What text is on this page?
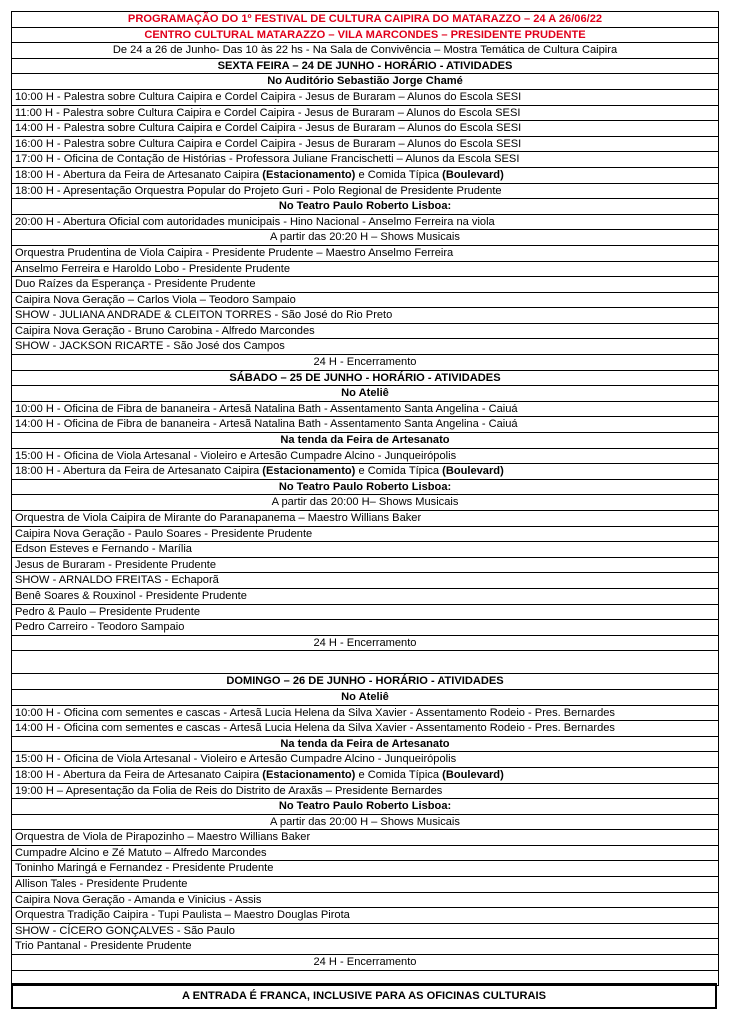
PROGRAMAÇÃO DO 1º FESTIVAL DE CULTURA CAIPIRA DO MATARAZZO – 24 A 26/06/22
CENTRO CULTURAL MATARAZZO – VILA MARCONDES – PRESIDENTE PRUDENTE
De 24 a 26 de Junho- Das 10 às 22 hs - Na Sala de Convivência – Mostra Temática de Cultura Caipira
SEXTA FEIRA – 24 DE JUNHO - HORÁRIO - ATIVIDADES
No Auditório Sebastião Jorge Chamé
10:00 H - Palestra sobre Cultura Caipira e Cordel Caipira - Jesus de Buraram – Alunos do Escola SESI
11:00 H - Palestra sobre Cultura Caipira e Cordel Caipira - Jesus de Buraram – Alunos do Escola SESI
14:00 H - Palestra sobre Cultura Caipira e Cordel Caipira - Jesus de Buraram – Alunos do Escola SESI
16:00 H - Palestra sobre Cultura Caipira e Cordel Caipira - Jesus de Buraram – Alunos do Escola SESI
17:00 H - Oficina de Contação de Histórias - Professora Juliane Francischetti – Alunos da Escola SESI
18:00 H - Abertura da Feira de Artesanato Caipira (Estacionamento) e Comida Típica (Boulevard)
18:00 H - Apresentação Orquestra Popular do Projeto Guri - Polo Regional de Presidente Prudente
No Teatro Paulo Roberto Lisboa:
20:00 H - Abertura Oficial com autoridades municipais - Hino Nacional - Anselmo Ferreira na viola
A partir das 20:20 H – Shows Musicais
Orquestra Prudentina de Viola Caipira - Presidente Prudente – Maestro Anselmo Ferreira
Anselmo Ferreira e Haroldo Lobo - Presidente Prudente
Duo Raízes da Esperança - Presidente Prudente
Caipira Nova Geração – Carlos Viola – Teodoro Sampaio
SHOW - JULIANA ANDRADE & CLEITON TORRES - São José do Rio Preto
Caipira Nova Geração - Bruno Carobina - Alfredo Marcondes
SHOW - JACKSON RICARTE - São José dos Campos
24 H - Encerramento
SÁBADO – 25 DE JUNHO - HORÁRIO - ATIVIDADES
No Ateliê
10:00 H - Oficina de Fibra de bananeira - Artesã Natalina Bath - Assentamento Santa Angelina - Caiuá
14:00 H - Oficina de Fibra de bananeira - Artesã Natalina Bath - Assentamento Santa Angelina - Caiuá
Na tenda da Feira de Artesanato
15:00 H - Oficina de Viola Artesanal - Violeiro e Artesão Cumpadre Alcino - Junqueirópolis
18:00 H - Abertura da Feira de Artesanato Caipira (Estacionamento) e Comida Típica (Boulevard)
No Teatro Paulo Roberto Lisboa:
A partir das 20:00 H– Shows Musicais
Orquestra de Viola Caipira de Mirante do Paranapanema – Maestro Willians Baker
Caipira Nova Geração - Paulo Soares - Presidente Prudente
Edson Esteves e Fernando - Marília
Jesus de Buraram - Presidente Prudente
SHOW - ARNALDO FREITAS - Echaporã
Benê Soares & Rouxinol - Presidente Prudente
Pedro & Paulo – Presidente Prudente
Pedro Carreiro - Teodoro Sampaio
24 H - Encerramento
DOMINGO – 26 DE JUNHO - HORÁRIO - ATIVIDADES
No Ateliê
10:00 H - Oficina com sementes e cascas - Artesã Lucia Helena da Silva Xavier - Assentamento Rodeio - Pres. Bernardes
14:00 H - Oficina com sementes e cascas - Artesã Lucia Helena da Silva Xavier - Assentamento Rodeio - Pres. Bernardes
Na tenda da Feira de Artesanato
15:00 H - Oficina de Viola Artesanal - Violeiro e Artesão Cumpadre Alcino - Junqueirópolis
18:00 H - Abertura da Feira de Artesanato Caipira (Estacionamento) e Comida Típica (Boulevard)
19:00 H – Apresentação da Folia de Reis do Distrito de Araxãs – Presidente Bernardes
No Teatro Paulo Roberto Lisboa:
A partir das 20:00 H – Shows Musicais
Orquestra de Viola de Pirapozinho – Maestro Willians Baker
Cumpadre Alcino e Zé Matuto – Alfredo Marcondes
Toninho Maringá e Fernandez - Presidente Prudente
Allison Tales - Presidente Prudente
Caipira Nova Geração - Amanda e Vinicius - Assis
Orquestra Tradição Caipira - Tupi Paulista – Maestro Douglas Pirota
SHOW - CÍCERO GONÇALVES - São Paulo
Trio Pantanal - Presidente Prudente
24 H - Encerramento
A ENTRADA É FRANCA, INCLUSIVE PARA AS OFICINAS CULTURAIS
